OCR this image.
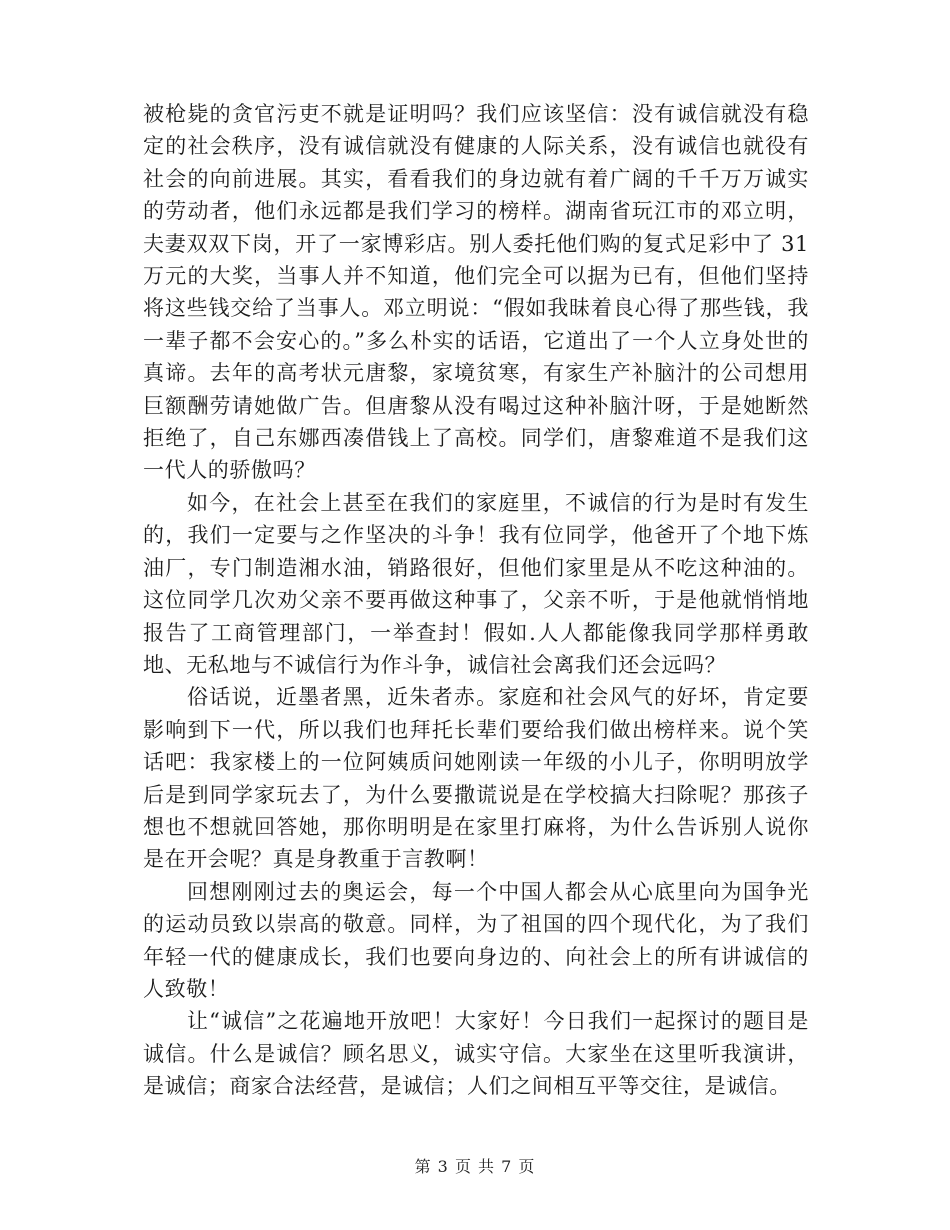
被枪毙的贪官污吏不就是证明吗？我们应该坚信：没有诚信就没有稳定的社会秩序，没有诚信就没有健康的人际关系，没有诚信也就役有社会的向前进展。其实，看看我们的身边就有着广阔的千千万万诚实的劳动者，他们永远都是我们学习的榜样。湖南省玩江市的邓立明，夫妻双双下岗，开了一家博彩店。别人委托他们购的复式足彩中了 31万元的大奖，当事人并不知道，他们完全可以据为已有，但他们坚持将这些钱交给了当事人。邓立明说：“假如我昧着良心得了那些钱，我一辈子都不会安心的。”多么朴实的话语，它道出了一个人立身处世的真谛。去年的高考状元唐黎，家境贫寒，有家生产补脑汁的公司想用巨额酬劳请她做广告。但唐黎从没有喝过这种补脑汁呀，于是她断然拒绝了，自己东娜西凑借钱上了高校。同学们，唐黎难道不是我们这一代人的骄傲吗？

如今，在社会上甚至在我们的家庭里，不诚信的行为是时有发生的，我们一定要与之作坚决的斗争！我有位同学，他爸开了个地下炼油厂，专门制造湘水油，销路很好，但他们家里是从不吃这种油的。这位同学几次劝父亲不要再做这种事了，父亲不听，于是他就悄悄地报告了工商管理部门，一举查封！假如.人人都能像我同学那样勇敢地、无私地与不诚信行为作斗争，诚信社会离我们还会远吗？

俗话说，近墨者黑，近朱者赤。家庭和社会风气的好坏，肯定要影响到下一代，所以我们也拜托长辈们要给我们做出榜样来。说个笑话吧：我家楼上的一位阿姨质问她刚读一年级的小儿子，你明明放学后是到同学家玩去了，为什么要撒谎说是在学校搞大扫除呢？那孩子想也不想就回答她，那你明明是在家里打麻将，为什么告诉别人说你是在开会呢？真是身教重于言教啊！

回想刚刚过去的奥运会，每一个中国人都会从心底里向为国争光的运动员致以崇高的敬意。同样，为了祖国的四个现代化，为了我们年轻一代的健康成长，我们也要向身边的、向社会上的所有讲诚信的人致敬！

让“诚信”之花遍地开放吧！大家好！今日我们一起探讨的题目是诚信。什么是诚信？顾名思义，诚实守信。大家坐在这里听我演讲，是诚信；商家合法经营，是诚信；人们之间相互平等交往，是诚信。

第 3 页 共 7 页
